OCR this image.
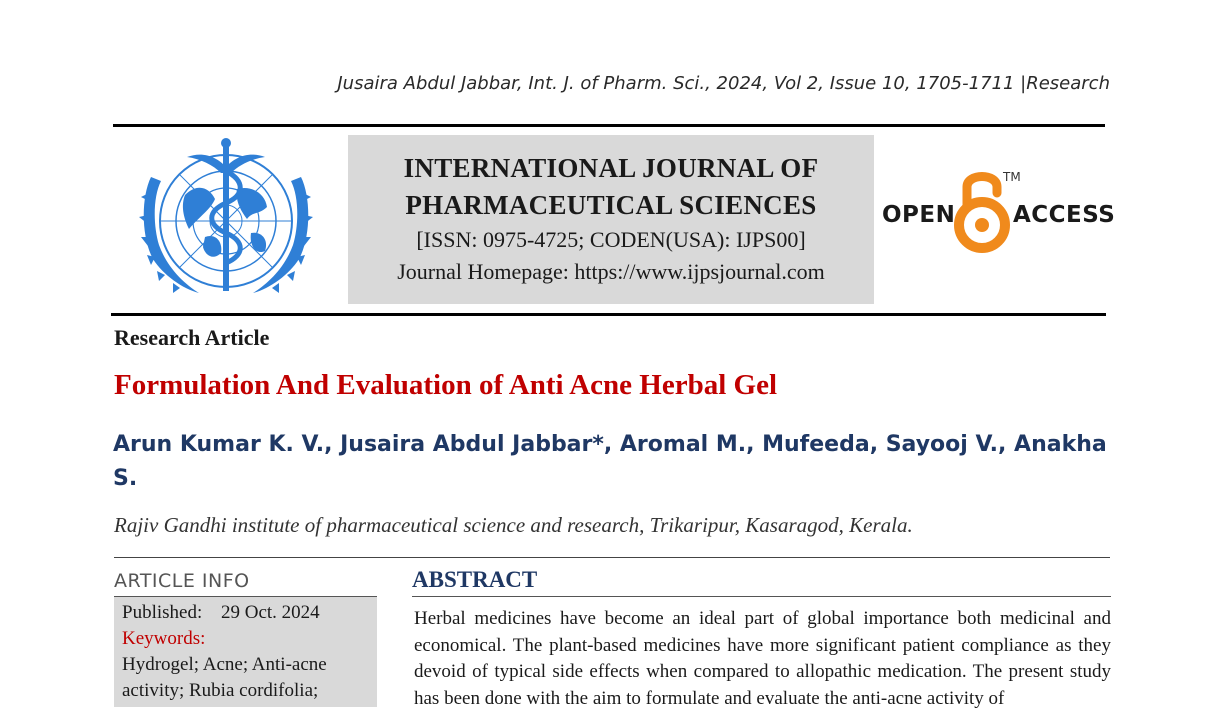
Jusaira Abdul Jabbar, Int. J. of Pharm. Sci., 2024, Vol 2, Issue 10, 1705-1711 |Research
INTERNATIONAL JOURNAL OF
PHARMACEUTICAL SCIENCES
[ISSN: 0975-4725; CODEN(USA): IJPS00]
Journal Homepage: https://www.ijpsjournal.com
OPEN
TM
ACCESS
Research Article
Formulation And Evaluation of Anti Acne Herbal Gel
Arun Kumar K. V., Jusaira Abdul Jabbar*, Aromal M., Mufeeda, Sayooj V., Anakha S.
Rajiv Gandhi institute of pharmaceutical science and research, Trikaripur, Kasaragod, Kerala.
ARTICLE INFO
Published: 29 Oct. 2024
Keywords:
Hydrogel; Acne; Anti-acne activity; Rubia cordifolia;
ABSTRACT
Herbal medicines have become an ideal part of global importance both medicinal and economical. The plant-based medicines have more significant patient compliance as they devoid of typical side effects when compared to allopathic medication. The present study has been done with the aim to formulate and evaluate the anti-acne activity of
